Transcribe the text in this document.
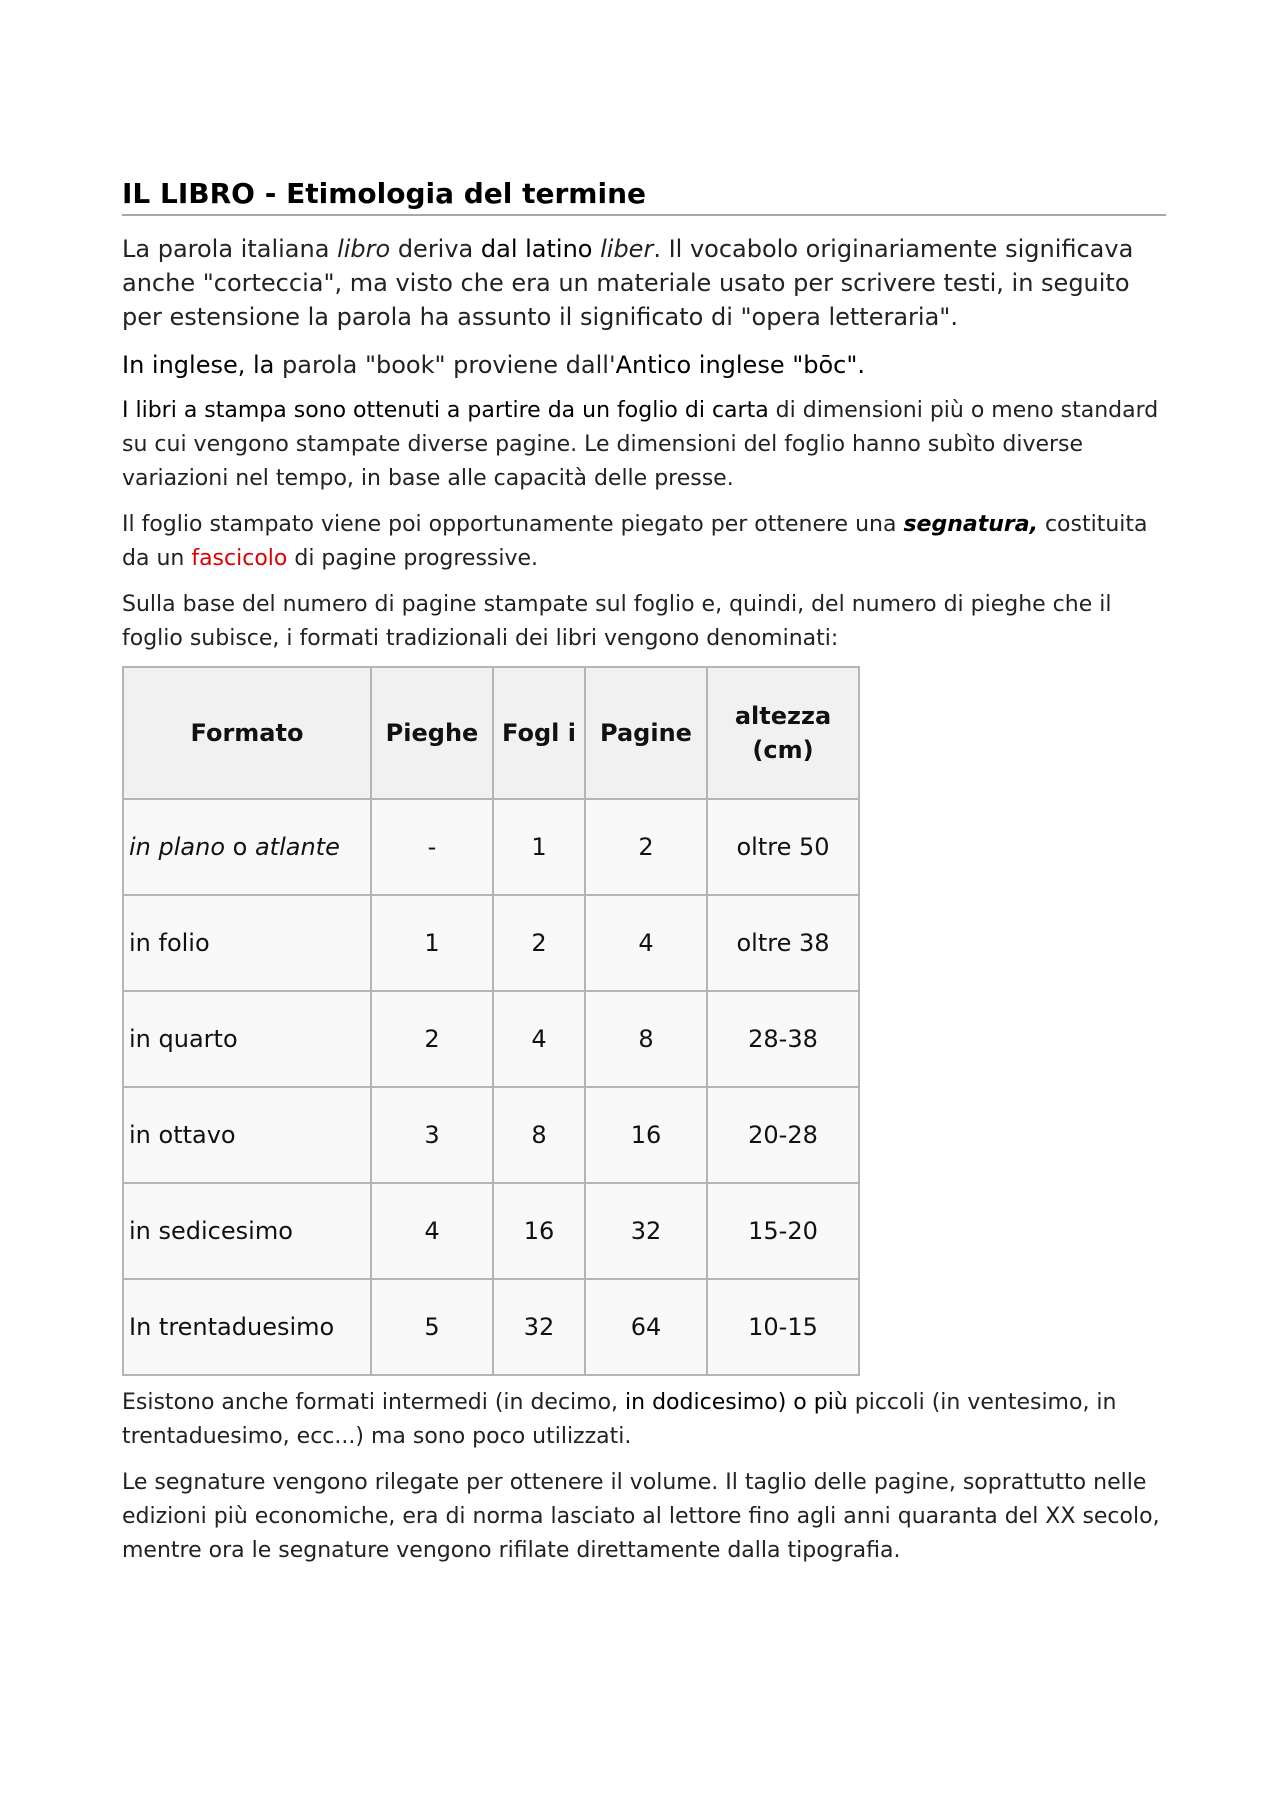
IL LIBRO - Etimologia del termine

La parola italiana libro deriva dal latino liber. Il vocabolo originariamente significava anche "corteccia", ma visto che era un materiale usato per scrivere testi, in seguito per estensione la parola ha assunto il significato di "opera letteraria".

In inglese, la parola "book" proviene dall'Antico inglese "bōc".

I libri a stampa sono ottenuti a partire da un foglio di carta di dimensioni più o meno standard su cui vengono stampate diverse pagine. Le dimensioni del foglio hanno subìto diverse variazioni nel tempo, in base alle capacità delle presse.

Il foglio stampato viene poi opportunamente piegato per ottenere una segnatura, costituita da un fascicolo di pagine progressive.

Sulla base del numero di pagine stampate sul foglio e, quindi, del numero di pieghe che il foglio subisce, i formati tradizionali dei libri vengono denominati:

Formato	Pieghe	Fogl i	Pagine	altezza (cm)
in plano o atlante	-	1	2	oltre 50
in folio	1	2	4	oltre 38
in quarto	2	4	8	28-38
in ottavo	3	8	16	20-28
in sedicesimo	4	16	32	15-20
In trentaduesimo	5	32	64	10-15

Esistono anche formati intermedi (in decimo, in dodicesimo) o più piccoli (in ventesimo, in trentaduesimo, ecc...) ma sono poco utilizzati.

Le segnature vengono rilegate per ottenere il volume. Il taglio delle pagine, soprattutto nelle edizioni più economiche, era di norma lasciato al lettore fino agli anni quaranta del XX secolo, mentre ora le segnature vengono rifilate direttamente dalla tipografia.
